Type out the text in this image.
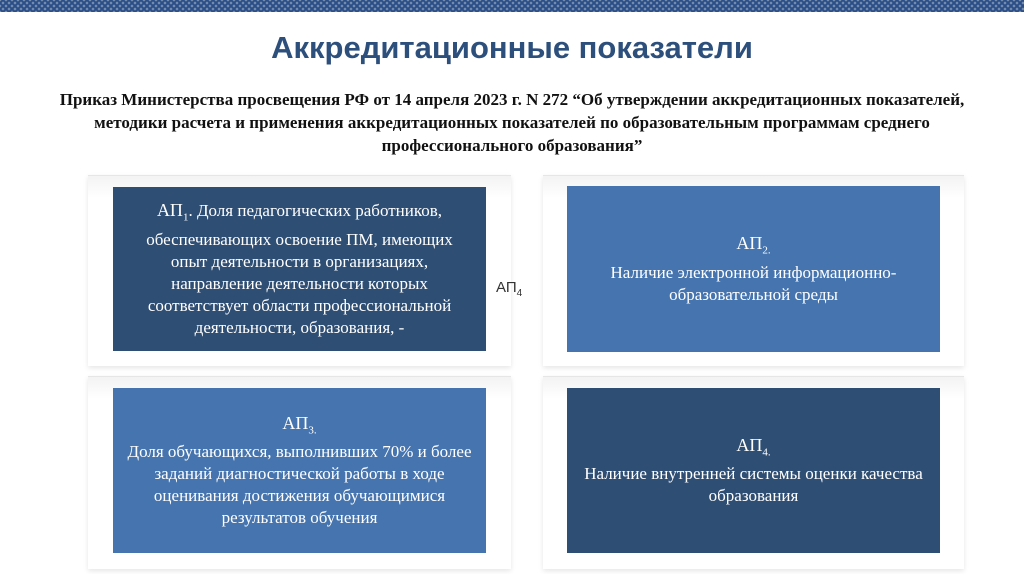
Аккредитационные показатели
Приказ Министерства просвещения РФ от 14 апреля 2023 г. N 272 “Об утверждении аккредитационных показателей, методики расчета и применения аккредитационных показателей по образовательным программам среднего профессионального образования”
$АП_1$. Доля педагогических работников, обеспечивающих освоение ПМ, имеющих опыт деятельности в организациях, направление деятельности которых соответствует области профессиональной деятельности, образования, -
$АП_{2.}$
Наличие электронной информационно-образовательной среды
$АП_{3.}$
Доля обучающихся, выполнивших 70% и более заданий диагностической работы в ходе оценивания достижения обучающимися результатов обучения
$АП_{4.}$
Наличие внутренней системы оценки качества образования
$АП_4$
